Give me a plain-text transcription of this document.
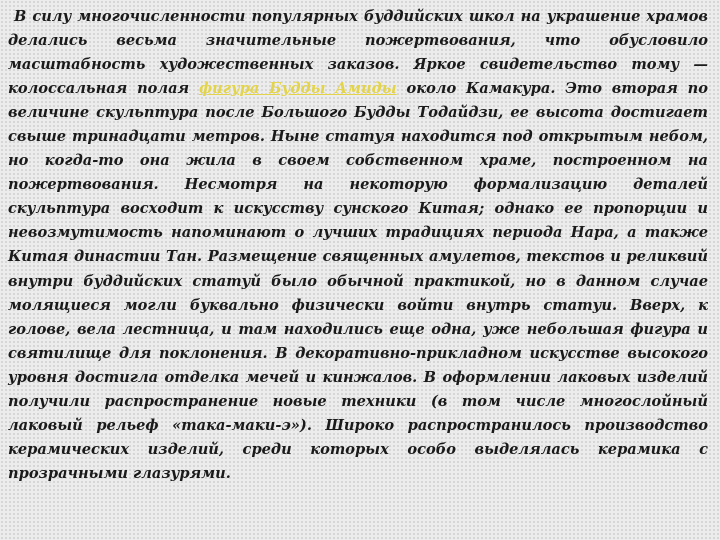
В силу многочисленности популярных буддийских школ на украшение храмов делались весьма значительные пожертвования, что обусловило масштабность художественных заказов. Яркое свидетельство тому — колоссальная полая фигура Будды Амиды около Камакура. Это вторая по величине скульптура после Большого Будды Тодайдзи, ее высота достигает свыше тринадцати метров. Ныне статуя находится под открытым небом, но когда-то она жила в своем собственном храме, построенном на пожертвования. Несмотря на некоторую формализацию деталей скульптура восходит к искусству сунского Китая; однако ее пропорции и невозмутимость напоминают о лучших традициях периода Нара, а также Китая династии Тан. Размещение священных амулетов, текстов и реликвий внутри буддийских статуй было обычной практикой, но в данном случае молящиеся могли буквально физически войти внутрь статуи. Вверх, к голове, вела лестница, и там находились еще одна, уже небольшая фигура и святилище для поклонения. В декоративно-прикладном искусстве высокого уровня достигла отделка мечей и кинжалов. В оформлении лаковых изделий получили распространение новые техники (в том числе многослойный лаковый рельеф «така-маки-э»). Широко распространилось производство керамических изделий, среди которых особо выделялась керамика с прозрачными глазурями.
